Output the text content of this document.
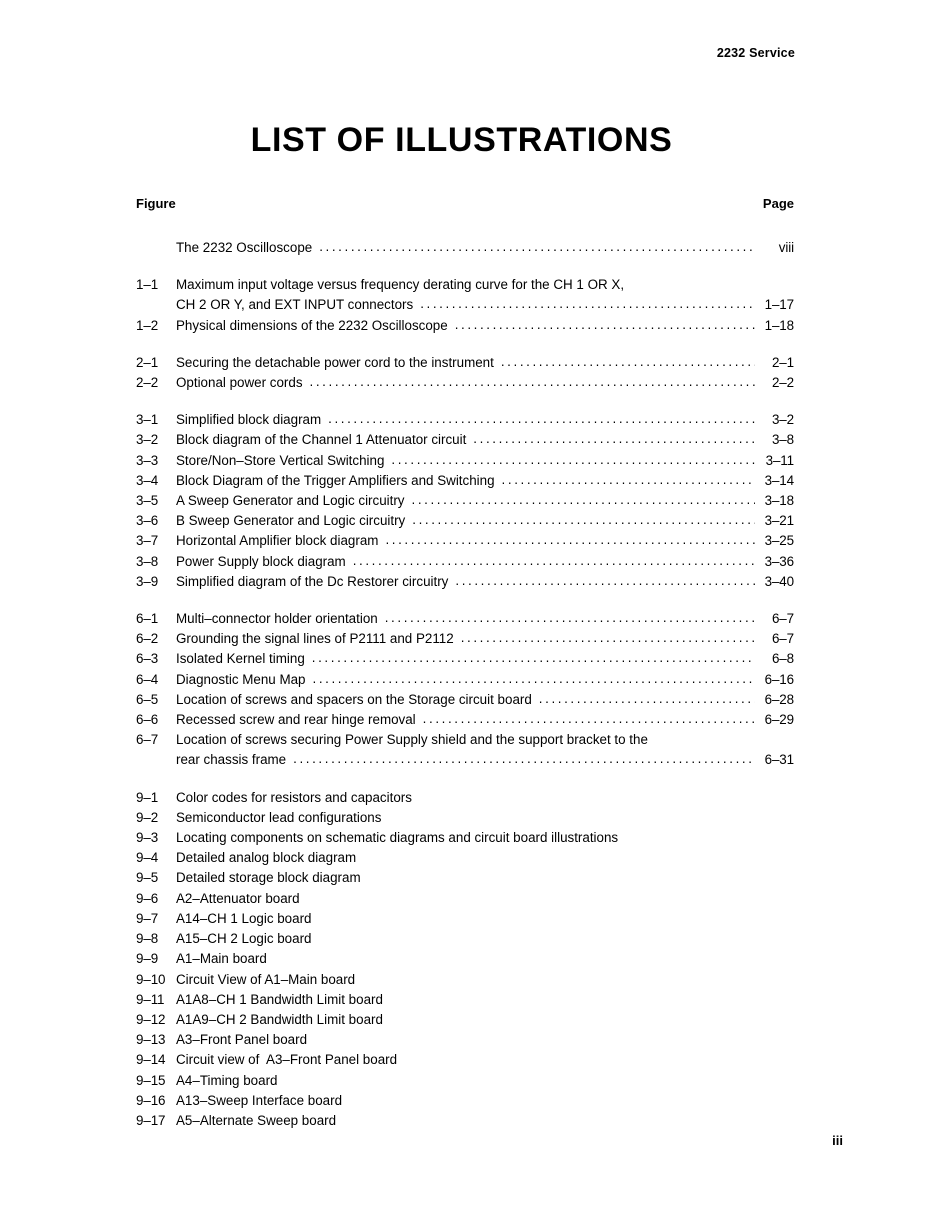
2232 Service
LIST OF ILLUSTRATIONS
Figure	Page
The 2232 Oscilloscope .....	viii
1–1	Maximum input voltage versus frequency derating curve for the CH 1 OR X,
CH 2 OR Y, and EXT INPUT connectors .....	1–17
1–2	Physical dimensions of the 2232 Oscilloscope .....	1–18
2–1	Securing the detachable power cord to the instrument .....	2–1
2–2	Optional power cords .....	2–2
3–1	Simplified block diagram .....	3–2
3–2	Block diagram of the Channel 1 Attenuator circuit .....	3–8
3–3	Store/Non–Store Vertical Switching .....	3–11
3–4	Block Diagram of the Trigger Amplifiers and Switching .....	3–14
3–5	A Sweep Generator and Logic circuitry .....	3–18
3–6	B Sweep Generator and Logic circuitry .....	3–21
3–7	Horizontal Amplifier block diagram .....	3–25
3–8	Power Supply block diagram .....	3–36
3–9	Simplified diagram of the Dc Restorer circuitry .....	3–40
6–1	Multi–connector holder orientation .....	6–7
6–2	Grounding the signal lines of P2111 and P2112 .....	6–7
6–3	Isolated Kernel timing .....	6–8
6–4	Diagnostic Menu Map .....	6–16
6–5	Location of screws and spacers on the Storage circuit board .....	6–28
6–6	Recessed screw and rear hinge removal .....	6–29
6–7	Location of screws securing Power Supply shield and the support bracket to the
rear chassis frame .....	6–31
9–1	Color codes for resistors and capacitors
9–2	Semiconductor lead configurations
9–3	Locating components on schematic diagrams and circuit board illustrations
9–4	Detailed analog block diagram
9–5	Detailed storage block diagram
9–6	A2–Attenuator board
9–7	A14–CH 1 Logic board
9–8	A15–CH 2 Logic board
9–9	A1–Main board
9–10 Circuit View of A1–Main board
9–11 A1A8–CH 1 Bandwidth Limit board
9–12 A1A9–CH 2 Bandwidth Limit board
9–13 A3–Front Panel board
9–14 Circuit view of  A3–Front Panel board
9–15 A4–Timing board
9–16 A13–Sweep Interface board
9–17 A5–Alternate Sweep board
iii
